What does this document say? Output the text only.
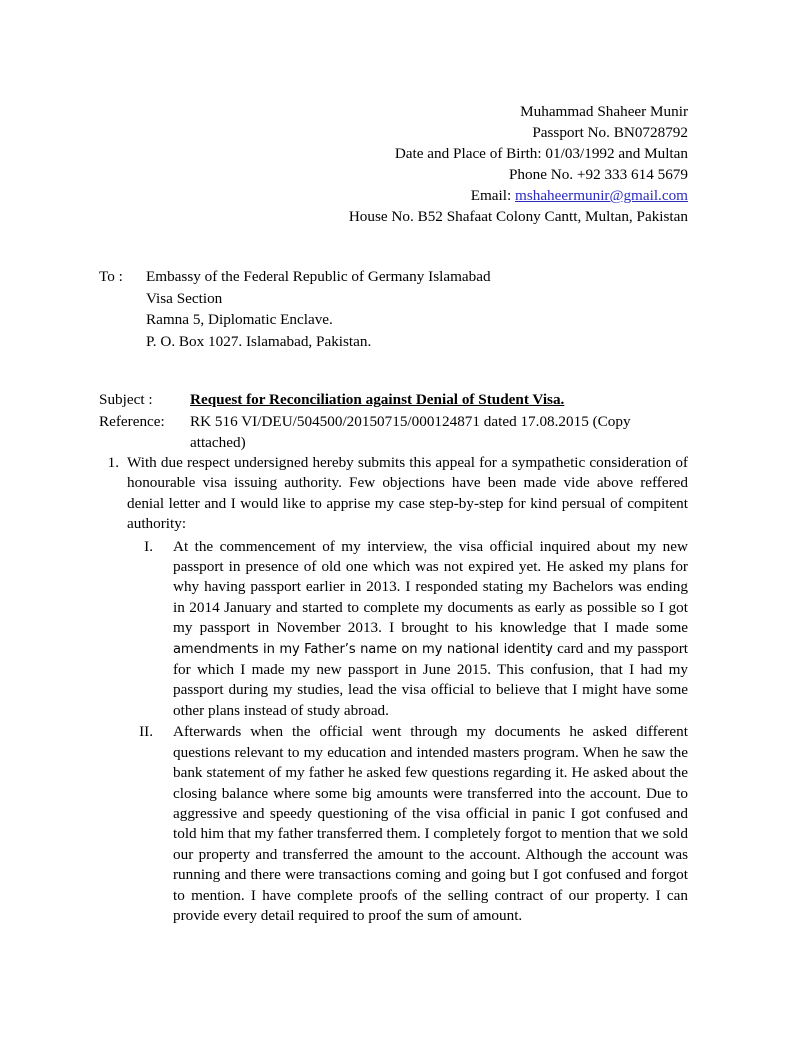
Muhammad Shaheer Munir
Passport No. BN0728792
Date and Place of Birth: 01/03/1992 and Multan
Phone No. +92 333 614 5679
Email: mshaheermunir@gmail.com
House No. B52 Shafaat Colony Cantt, Multan, Pakistan
To :	Embassy of the Federal Republic of Germany Islamabad
Visa Section
Ramna 5, Diplomatic Enclave.
P. O. Box 1027. Islamabad, Pakistan.
Subject :	Request for Reconciliation against Denial of Student Visa.
Reference:	RK 516 VI/DEU/504500/20150715/000124871 dated 17.08.2015 (Copy attached)
1. With due respect undersigned hereby submits this appeal for a sympathetic consideration of honourable visa issuing authority. Few objections have been made vide above reffered denial letter and I would like to apprise my case step-by-step for kind persual of compitent authority:
I.	At the commencement of my interview, the visa official inquired about my new passport in presence of old one which was not expired yet. He asked my plans for why having passport earlier in 2013. I responded stating my Bachelors was ending in 2014 January and started to complete my documents as early as possible so I got my passport in November 2013. I brought to his knowledge that I made some amendments in my Father’s name on my national identity card and my passport for which I made my new passport in June 2015. This confusion, that I had my passport during my studies, lead the visa official to believe that I might have some other plans instead of study abroad.
II.	Afterwards when the official went through my documents he asked different questions relevant to my education and intended masters program. When he saw the bank statement of my father he asked few questions regarding it. He asked about the closing balance where some big amounts were transferred into the account. Due to aggressive and speedy questioning of the visa official in panic I got confused and told him that my father transferred them. I completely forgot to mention that we sold our property and transferred the amount to the account. Although the account was running and there were transactions coming and going but I got confused and forgot to mention. I have complete proofs of the selling contract of our property. I can provide every detail required to proof the sum of amount.
